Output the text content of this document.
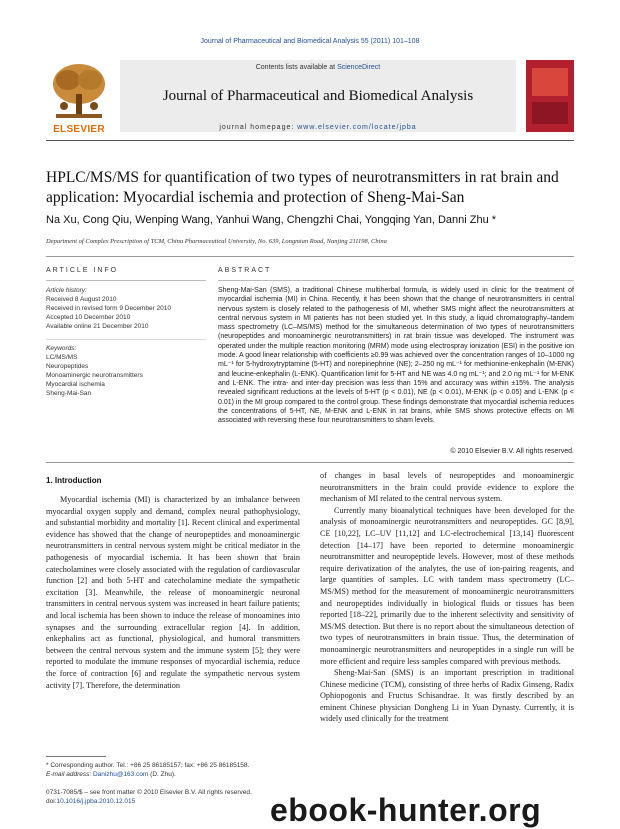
Journal of Pharmaceutical and Biomedical Analysis 55 (2011) 101–108
ELSEVIER
Contents lists available at ScienceDirect
Journal of Pharmaceutical and Biomedical Analysis
journal homepage: www.elsevier.com/locate/jpba
HPLC/MS/MS for quantification of two types of neurotransmitters in rat brain and application: Myocardial ischemia and protection of Sheng-Mai-San
Na Xu, Cong Qiu, Wenping Wang, Yanhui Wang, Chengzhi Chai, Yongqing Yan, Danni Zhu *
Department of Complex Prescription of TCM, China Pharmaceutical University, No. 639, Longmian Road, Nanjing 211198, China
ARTICLE INFO
Article history:
Received 8 August 2010
Received in revised form 9 December 2010
Accepted 10 December 2010
Available online 21 December 2010
Keywords:
LC/MS/MS
Neuropeptides
Monoaminergic neurotransmitters
Myocardial ischemia
Sheng-Mai-San
ABSTRACT
Sheng-Mai-San (SMS), a traditional Chinese multiherbal formula, is widely used in clinic for the treatment of myocardial ischemia (MI) in China. Recently, it has been shown that the change of neurotransmitters in central nervous system is closely related to the pathogenesis of MI, whether SMS might affect the neurotransmitters at central nervous system in MI patients has not been studied yet. In this study, a liquid chromatography–tandem mass spectrometry (LC–MS/MS) method for the simultaneous determination of two types of neurotransmitters (neuropeptides and monoaminergic neurotransmitters) in rat brain tissue was developed. The instrument was operated under the multiple reaction monitoring (MRM) mode using electrospray ionization (ESI) in the positive ion mode. A good linear relationship with coefficients ≥0.99 was achieved over the concentration ranges of 10–1000 ng mL⁻¹ for 5-hydroxytryptamine (5-HT) and norepinephrine (NE); 2–250 ng mL⁻¹ for methionine-enkephalin (M-ENK) and leucine-enkephalin (L-ENK). Quantification limit for 5-HT and NE was 4.0 ng mL⁻¹; and 2.0 ng mL⁻¹ for M-ENK and L-ENK. The intra- and inter-day precision was less than 15% and accuracy was within ±15%. The analysis revealed significant reductions at the levels of 5-HT (p < 0.01), NE (p < 0.01), M-ENK (p < 0.05) and L-ENK (p < 0.01) in the MI group compared to the control group. These findings demonstrate that myocardial ischemia reduces the concentrations of 5-HT, NE, M-ENK and L-ENK in rat brains, while SMS shows protective effects on MI associated with reversing these four neurotransmitters to sham levels.
© 2010 Elsevier B.V. All rights reserved.
1. Introduction

Myocardial ischemia (MI) is characterized by an imbalance between myocardial oxygen supply and demand, complex neural pathophysiology, and substantial morbidity and mortality [1]. Recent clinical and experimental evidence has showed that the change of neuropeptides and monoaminergic neurotransmitters in central nervous system might be critical mediator in the pathogenesis of myocardial ischemia. It has been shown that brain catecholamines were closely associated with the regulation of cardiovascular function [2] and both 5-HT and catecholamine mediate the sympathetic excitation [3]. Meanwhile, the release of monoaminergic neuronal transmitters in central nervous system was increased in heart failure patients; and local ischemia has been shown to induce the release of monoamines into synapses and the surrounding extracellular region [4]. In addition, enkephalins act as functional, physiological, and humoral transmitters between the central nervous system and the immune system [5]; they were reported to modulate the immune responses of myocardial ischemia, reduce the force of contraction [6] and regulate the sympathetic nervous system activity [7]. Therefore, the determination

of changes in basal levels of neuropeptides and monoaminergic neurotransmitters in the brain could provide evidence to explore the mechanism of MI related to the central nervous system.

Currently many bioanalytical techniques have been developed for the analysis of monoaminergic neurotransmitters and neuropeptides. GC [8,9], CE [10,22], LC–UV [11,12] and LC-electrochemical [13,14] fluorescent detection [14–17] have been reported to determine monoaminergic neurotransmitter and neuropeptide levels. However, most of these methods require derivatization of the analytes, the use of ion-pairing reagents, and large quantities of samples. LC with tandem mass spectrometry (LC–MS/MS) method for the measurement of monoaminergic neurotransmitters and neuropeptides individually in biological fluids or tissues has been reported [18–22], primarily due to the inherent selectivity and sensitivity of MS/MS detection. But there is no report about the simultaneous detection of two types of neurotransmitters in brain tissue. Thus, the determination of monoaminergic neurotransmitters and neuropeptides in a single run will be more efficient and require less samples compared with previous methods.

Sheng-Mai-San (SMS) is an important prescription in traditional Chinese medicine (TCM), consisting of three herbs of Radix Ginseng, Radix Ophiopogonis and Fructus Schisandrae. It was firstly described by an eminent Chinese physician Dongheng Li in Yuan Dynasty. Currently, it is widely used clinically for the treatment

* Corresponding author. Tel.: +86 25 86185157; fax: +86 25 86185158.
E-mail address: Danizhu@163.com (D. Zhu).
0731-7085/$ – see front matter © 2010 Elsevier B.V. All rights reserved.
doi:10.1016/j.jpba.2010.12.015	ebook-hunter.org
